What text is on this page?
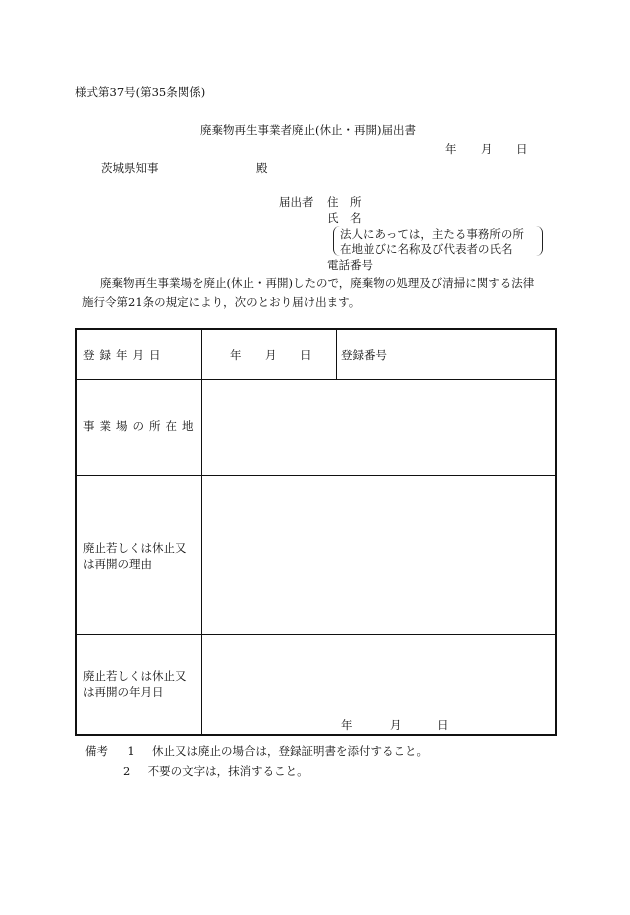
様式第37号(第35条関係)
廃棄物再生事業者廃止(休止・再開)届出書
年 月 日
茨城県知事	殿
届出者 住　所
氏　名
法人にあっては，主たる事務所の所
在地並びに名称及び代表者の氏名
電話番号

廃棄物再生事業場を廃止(休止・再開)したので，廃棄物の処理及び清掃に関する法律

施行令第21条の規定により，次のとおり届け出ます。

登録年月日	年 月 日	登録番号
事業場の所在地
廃止若しくは休止又
は再開の理由
廃止若しくは休止又
は再開の年月日
年	月	日
備考 1 休止又は廃止の場合は，登録証明書を添付すること。
2 不要の文字は，抹消すること。
